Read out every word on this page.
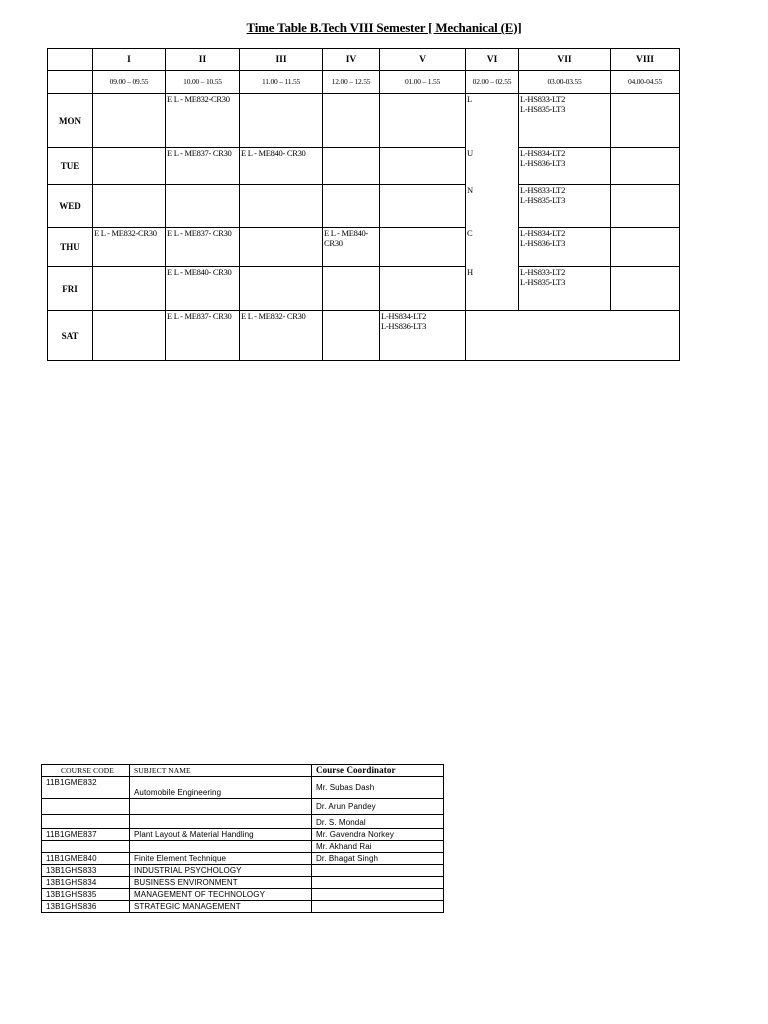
Time Table B.Tech VIII Semester [ Mechanical (E)]
	I	II	III	IV	V	VI	VII	VIII
	09.00 – 09.55	10.00 – 10.55	11.00 – 11.55	12.00 – 12.55	01.00 – 1.55	02.00 – 02.55	03.00-03.55	04.00-04.55
MON		E L - ME832-CR30				L	L-HS833-LT2
L-HS835-LT3	

TUE		E L - ME837- CR30	E L - ME840- CR30			U	L-HS834-LT2
L-HS836-LT3	

WED						N	L-HS833-LT2
L-HS835-LT3	

THU	E L - ME832-CR30	E L - ME837- CR30		E L - ME840-CR30		C	L-HS834-LT2
L-HS836-LT3	

FRI		E L - ME840- CR30				H	L-HS833-LT2
L-HS835-LT3	

SAT		E L - ME837- CR30	E L - ME832- CR30		L-HS834-LT2
L-HS836-LT3			

COURSE CODE	SUBJECT NAME	Course Coordinator
11B1GME832	Automobile Engineering	Mr. Subas Dash
		Dr. Arun Pandey
		Dr. S. Mondal
11B1GME837	Plant Layout & Material Handling	Mr. Gavendra Norkey
		Mr. Akhand Rai
11B1GME840	Finite Element Technique	Dr. Bhagat Singh
13B1GHS833	INDUSTRIAL PSYCHOLOGY	
13B1GHS834	BUSINESS ENVIRONMENT	
13B1GHS835	MANAGEMENT OF TECHNOLOGY	
13B1GHS836	STRATEGIC MANAGEMENT	
